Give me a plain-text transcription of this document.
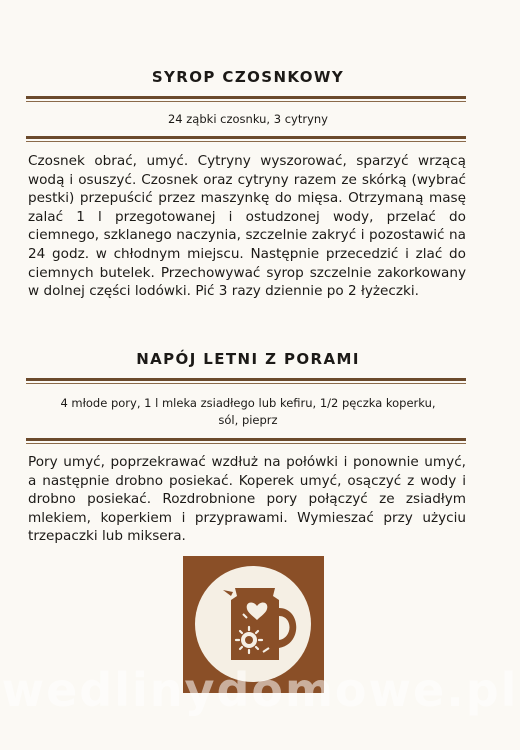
SYROP CZOSNKOWY
24 ząbki czosnku, 3 cytryny
Czosnek obrać, umyć. Cytryny wyszorować, sparzyć wrzącą wodą i osuszyć. Czosnek oraz cytryny razem ze skórką (wybrać pestki) przepuścić przez maszynkę do mięsa. Otrzymaną masę zalać 1 l przegotowanej i ostudzonej wody, przelać do ciemnego, szklanego naczynia, szczelnie zakryć i pozostawić na 24 godz. w chłodnym miejscu. Następnie przecedzić i zlać do ciemnych butelek. Przechowywać syrop szczelnie zakorkowany w dolnej części lodówki. Pić 3 razy dziennie po 2 łyżeczki.
NAPÓJ LETNI Z PORAMI
4 młode pory, 1 l mleka zsiadłego lub kefiru, 1/2 pęczka koperku,
sól, pieprz
Pory umyć, poprzekrawać wzdłuż na połówki i ponownie umyć, a następnie drobno posiekać. Koperek umyć, osączyć z wody i drobno posiekać. Rozdrobnione pory połączyć ze zsiadłym mlekiem, koperkiem i przyprawami. Wymieszać przy użyciu trzepaczki lub miksera.
wedlinydomowe.pl
